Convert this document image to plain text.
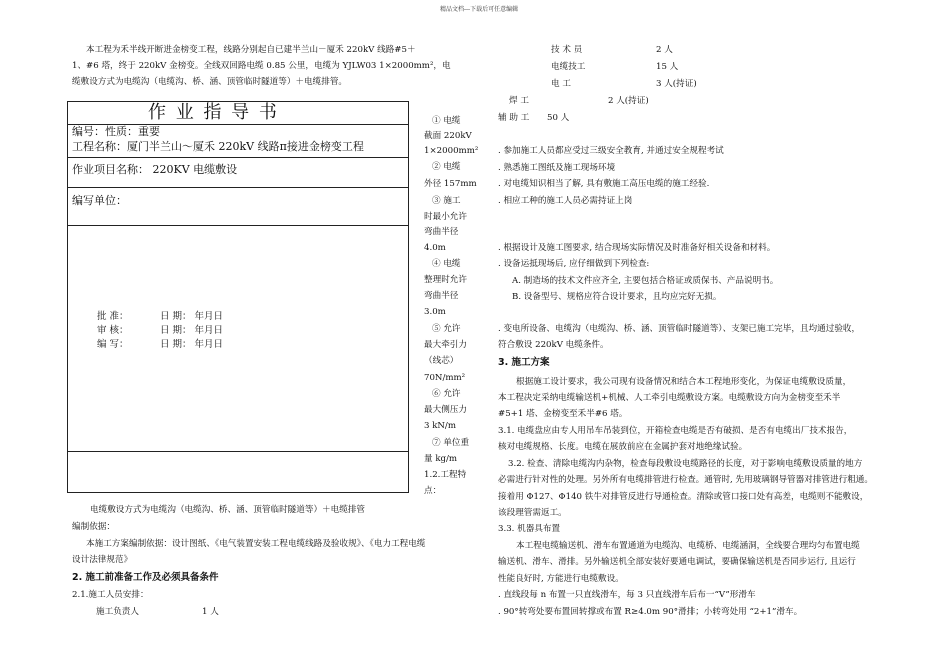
精品文档---下载后可任意编辑
本工程为禾半线开断进金榜变工程，线路分别起自已建半兰山－厦禾 220kV 线路#5＋
1、#6 塔，终于 220kV 金榜变。全线双回路电缆 0.85 公里，电缆为 YJLW03 1×2000mm²，电
缆敷设方式为电缆沟（电缆沟、桥、涵、顶管临时隧道等）＋电缆排管。
作 业 指 导 书
编号：性质：重要
工程名称：厦门半兰山～厦禾 220kV 线路π接进金榜变工程
作业项目名称： 220KV 电缆敷设
编写单位：
批 准：	日 期： 年月日
审 核：	日 期： 年月日
编 写：	日 期： 年月日
电缆敷设方式为电缆沟（电缆沟、桥、涵、顶管临时隧道等）＋电缆排管
编制依据：
本施工方案编制依据：设计图纸、《电气装置安装工程电缆线路及验收规》、《电力工程电缆
设计法律规范》
2. 施工前准备工作及必须具备条件
2.1.施工人员安排：
施工负责人	1 人
① 电缆
截面 220kV
1×2000mm²
② 电缆
外径 157mm
③ 施工
时最小允许
弯曲半径
4.0m
④ 电缆
整理时允许
弯曲半径
3.0m
⑤ 允许
最大牵引力
（线芯）
70N/mm²
⑥ 允许
最大侧压力
3 kN/m
⑦ 单位重
量 kg/m
1.2.工程特
点：
技 术 员	2 人
电缆技工	15 人
电 工	3 人(持证)
焊 工	2 人(持证)
辅 助 工 50 人
. 参加施工人员都应受过三级安全教育, 并通过安全规程考试
. 熟悉施工图纸及施工现场环境
. 对电缆知识相当了解, 具有敷施工高压电缆的施工经验.
. 相应工种的施工人员必需持证上岗
. 根据设计及施工图要求, 结合现场实际情况及时准备好相关设备和材料。
. 设备运抵现场后, 应仔细做到下列检查:
A. 制造场的技术文件应齐全, 主要包括合格证或质保书、产品说明书。
B. 设备型号、规格应符合设计要求，且均应完好无损。
. 变电所设备、电缆沟（电缆沟、桥、涵、顶管临时隧道等）、支架已施工完毕，且均通过验收，
符合敷设 220kV 电缆条件。
3. 施工方案
根据施工设计要求，我公司现有设备情况和结合本工程地形变化，为保证电缆敷设质量，
本工程决定采纳电缆输送机+机械、人工牵引电缆敷设方案。电缆敷设方向为金榜变至禾半
#5+1 塔、金榜变至禾半#6 塔。
3.1. 电缆盘应由专人用吊车吊装到位，开箱检查电缆是否有破损、是否有电缆出厂技术报告，
核对电缆规格、长度。电缆在展放前应在金属护套对地绝缘试验。
3.2. 检查、清除电缆沟内杂物，检查每段敷设电缆路径的长度，对于影响电缆敷设质量的地方
必需进行针对性的处理。另外所有电缆排管进行检查。通管时, 先用玻璃钢导管器对排管进行粗通。
接着用 Φ127、Φ140 铁牛对排管反进行导通检查。清除或管口接口处有高差，电缆则不能敷设，
该段理管需返工。
3.3. 机器具布置
本工程电缆输送机、滑车布置通道为电缆沟、电缆桥、电缆涵洞，全线要合理均匀布置电缆
输送机、滑车、滑排。另外输送机全部安装好要通电调试，要确保输送机是否同步运行, 且运行
性能良好时, 方能进行电缆敷设。
. 直线段每 n 布置一只直线滑车，每 3 只直线滑车后布一“V”形滑车
. 90°转弯处要布置回转撑或布置 R≥4.0m 90°滑排；小转弯处用 “2+1”滑车。
